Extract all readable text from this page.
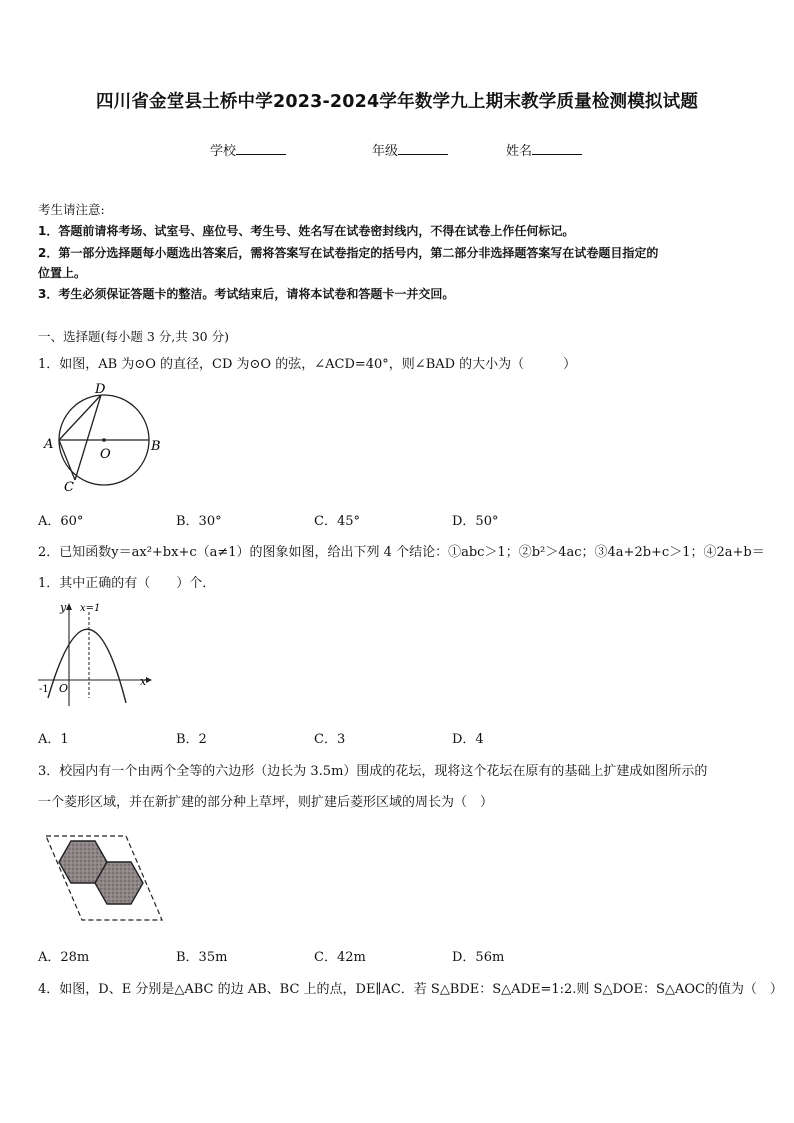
四川省金堂县土桥中学2023-2024学年数学九上期末教学质量检测模拟试题
学校	年级	姓名
考生请注意:
1．答题前请将考场、试室号、座位号、考生号、姓名写在试卷密封线内，不得在试卷上作任何标记。
2．第一部分选择题每小题选出答案后，需将答案写在试卷指定的括号内，第二部分非选择题答案写在试卷题目指定的
位置上。
3．考生必须保证答题卡的整洁。考试结束后，请将本试卷和答题卡一并交回。
一、选择题(每小题 3 分,共 30 分)
1．如图，AB 为⊙O 的直径，CD 为⊙O 的弦，∠ACD=40°，则∠BAD 的大小为（　　　）
A	B
C
D
O
A．60°	B．30°	C．45°	D．50°
2．已知函数y＝ax²+bx+c（a≠1）的图象如图，给出下列 4 个结论：①abc＞1；②b²＞4ac；③4a+2b+c＞1；④2a+b＝
1．其中正确的有（　　）个．
y
x
x=1
-1 O
A．1	B．2	C．3	D．4
3．校园内有一个由两个全等的六边形（边长为 3.5m）围成的花坛，现将这个花坛在原有的基础上扩建成如图所示的
一个菱形区域，并在新扩建的部分种上草坪，则扩建后菱形区域的周长为（　）
A．28m	B．35m	C．42m	D．56m
4．如图，D、E 分别是△ABC 的边 AB、BC 上的点，DE∥AC．若 S△BDE：S△ADE=1:2.则 S△DOE：S△AOC的值为（　）
